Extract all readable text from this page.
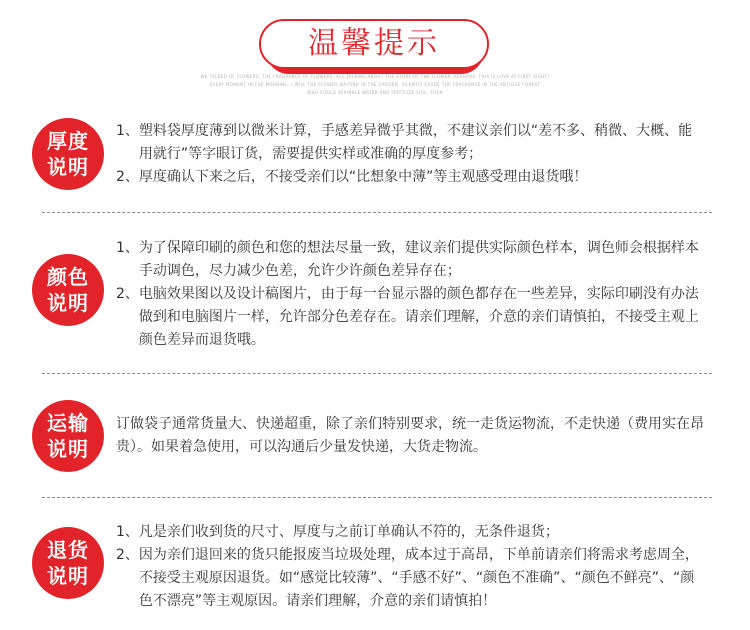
温馨提示
WE TALKED OF FLOWERS, THE FRAGRANCE OF FLOWERS, ALL TALKING ABOUT THE STORY OF THE FLOWER. PERHAPS, THIS IS LOVE AT FIRST SIGHT!
EVERY MOMENT IN THE MORNING, I WILL THE FLOWER WAITING IN THE GARDEN, SILENTLY EXUDE THE FRAGRANCE IN THE ANTIQUE FOREST
WHO COULD SPRINKLE WATER AND FERTILIZE SOIL, THEN
厚度
说明
1、 塑料袋厚度薄到以微米计算，手感差异微乎其微，不建议亲们以“差不多、稍微、大概、能用就行”等字眼订货，需要提供实样或准确的厚度参考；
2、 厚度确认下来之后，不接受亲们以“比想象中薄”等主观感受理由退货哦！
颜色
说明
1、 为了保障印刷的颜色和您的想法尽量一致，建议亲们提供实际颜色样本，调色师会根据样本手动调色，尽力减少色差，允许少许颜色差异存在；
2、 电脑效果图以及设计稿图片，由于每一台显示器的颜色都存在一些差异，实际印刷没有办法做到和电脑图片一样，允许部分色差存在。请亲们理解，介意的亲们请慎拍，不接受主观上颜色差异而退货哦。
运输
说明
订做袋子通常货量大、快递超重，除了亲们特别要求，统一走货运物流，不走快递（费用实在昂贵）。如果着急使用，可以沟通后少量发快递，大货走物流。
退货
说明
1、 凡是亲们收到货的尺寸、厚度与之前订单确认不符的，无条件退货；
2、 因为亲们退回来的货只能报废当垃圾处理，成本过于高昂，下单前请亲们将需求考虑周全，不接受主观原因退货。如“感觉比较薄”、“手感不好”、“颜色不准确”、“颜色不鲜亮”、“颜色不漂亮”等主观原因。请亲们理解，介意的亲们请慎拍！
